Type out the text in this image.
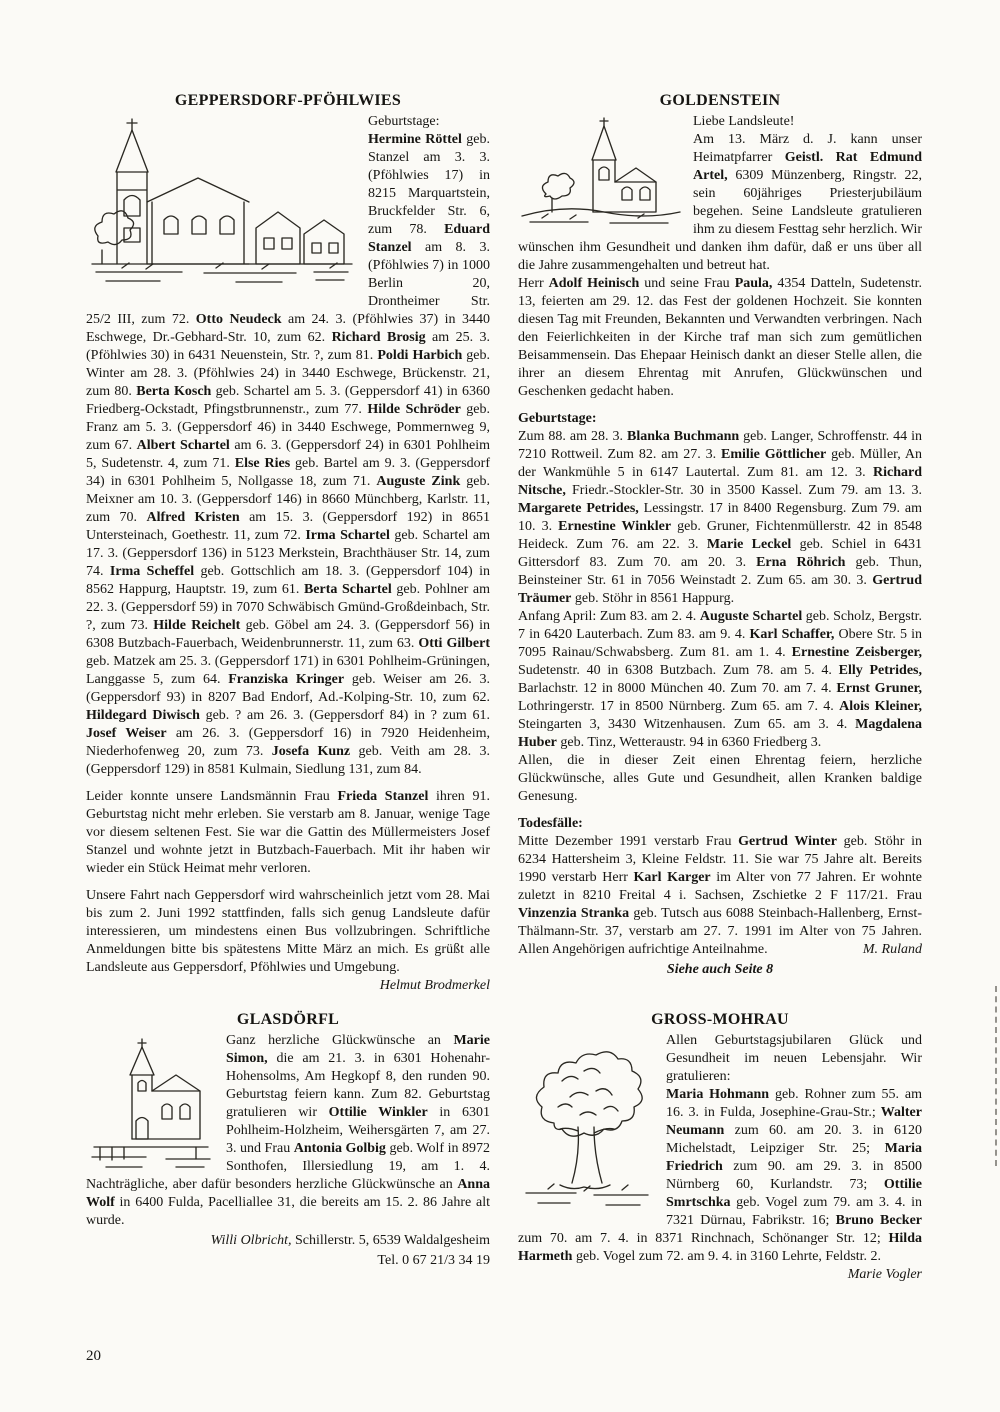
GEPPERSDORF-PFÖHLWIES

Geburtstage:

Hermine Röttel geb. Stanzel am 3. 3. (Pföhlwies 17) in 8215 Marquartstein, Bruckfelder Str. 6, zum 78. Eduard Stanzel am 8. 3. (Pföhlwies 7) in 1000 Berlin 20, Drontheimer Str. 25/2 III, zum 72. Otto Neudeck am 24. 3. (Pföhlwies 37) in 3440 Eschwege, Dr.-Gebhard-Str. 10, zum 62. Richard Brosig am 25. 3. (Pföhlwies 30) in 6431 Neuenstein, Str. ?, zum 81. Poldi Harbich geb. Winter am 28. 3. (Pföhlwies 24) in 3440 Eschwege, Brückenstr. 21, zum 80. Berta Kosch geb. Schartel am 5. 3. (Geppersdorf 41) in 6360 Friedberg-Ockstadt, Pfingstbrunnenstr., zum 77. Hilde Schröder geb. Franz am 5. 3. (Geppersdorf 46) in 3440 Eschwege, Pommernweg 9, zum 67. Albert Schartel am 6. 3. (Geppersdorf 24) in 6301 Pohlheim 5, Sudetenstr. 4, zum 71. Else Ries geb. Bartel am 9. 3. (Geppersdorf 34) in 6301 Pohlheim 5, Nollgasse 18, zum 71. Auguste Zink geb. Meixner am 10. 3. (Geppersdorf 146) in 8660 Münchberg, Karlstr. 11, zum 70. Alfred Kristen am 15. 3. (Geppersdorf 192) in 8651 Untersteinach, Goethestr. 11, zum 72. Irma Schartel geb. Schartel am 17. 3. (Geppersdorf 136) in 5123 Merkstein, Brachthäuser Str. 14, zum 74. Irma Scheffel geb. Gottschlich am 18. 3. (Geppersdorf 104) in 8562 Happurg, Hauptstr. 19, zum 61. Berta Schartel geb. Pohlner am 22. 3. (Geppersdorf 59) in 7070 Schwäbisch Gmünd-Großdeinbach, Str. ?, zum 73. Hilde Reichelt geb. Göbel am 24. 3. (Geppersdorf 56) in 6308 Butzbach-Fauerbach, Weidenbrunnerstr. 11, zum 63. Otti Gilbert geb. Matzek am 25. 3. (Geppersdorf 171) in 6301 Pohlheim-Grüningen, Langgasse 5, zum 64. Franziska Kringer geb. Weiser am 26. 3. (Geppersdorf 93) in 8207 Bad Endorf, Ad.-Kolping-Str. 10, zum 62. Hildegard Diwisch geb. ? am 26. 3. (Geppersdorf 84) in ? zum 61. Josef Weiser am 26. 3. (Geppersdorf 16) in 7920 Heidenheim, Niederhofenweg 20, zum 73. Josefa Kunz geb. Veith am 28. 3. (Geppersdorf 129) in 8581 Kulmain, Siedlung 131, zum 84.

Leider konnte unsere Landsmännin Frau Frieda Stanzel ihren 91. Geburtstag nicht mehr erleben. Sie verstarb am 8. Januar, wenige Tage vor diesem seltenen Fest. Sie war die Gattin des Müllermeisters Josef Stanzel und wohnte jetzt in Butzbach-Fauerbach. Mit ihr haben wir wieder ein Stück Heimat mehr verloren.

Unsere Fahrt nach Geppersdorf wird wahrscheinlich jetzt vom 28. Mai bis zum 2. Juni 1992 stattfinden, falls sich genug Landsleute dafür interessieren, um mindestens einen Bus vollzubringen. Schriftliche Anmeldungen bitte bis spätestens Mitte März an mich. Es grüßt alle Landsleute aus Geppersdorf, Pföhlwies und Umgebung.
Helmut Brodmerkel

GOLDENSTEIN

Liebe Landsleute!

Am 13. März d. J. kann unser Heimatpfarrer Geistl. Rat Edmund Artel, 6309 Münzenberg, Ringstr. 22, sein 60jähriges Priesterjubiläum begehen. Seine Landsleute gratulieren ihm zu diesem Festtag sehr herzlich. Wir wünschen ihm Gesundheit und danken ihm dafür, daß er uns über all die Jahre zusammengehalten und betreut hat.

Herr Adolf Heinisch und seine Frau Paula, 4354 Datteln, Sudetenstr. 13, feierten am 29. 12. das Fest der goldenen Hochzeit. Sie konnten diesen Tag mit Freunden, Bekannten und Verwandten verbringen. Nach den Feierlichkeiten in der Kirche traf man sich zum gemütlichen Beisammensein. Das Ehepaar Heinisch dankt an dieser Stelle allen, die ihrer an diesem Ehrentag mit Anrufen, Glückwünschen und Geschenken gedacht haben.

Geburtstage:

Zum 88. am 28. 3. Blanka Buchmann geb. Langer, Schroffenstr. 44 in 7210 Rottweil. Zum 82. am 27. 3. Emilie Göttlicher geb. Müller, An der Wankmühle 5 in 6147 Lautertal. Zum 81. am 12. 3. Richard Nitsche, Friedr.-Stockler-Str. 30 in 3500 Kassel. Zum 79. am 13. 3. Margarete Petrides, Lessingstr. 17 in 8400 Regensburg. Zum 79. am 10. 3. Ernestine Winkler geb. Gruner, Fichtenmüllerstr. 42 in 8548 Heideck. Zum 76. am 22. 3. Marie Leckel geb. Schiel in 6431 Gittersdorf 83. Zum 70. am 20. 3. Erna Röhrich geb. Thun, Beinsteiner Str. 61 in 7056 Weinstadt 2. Zum 65. am 30. 3. Gertrud Träumer geb. Stöhr in 8561 Happurg.

Anfang April: Zum 83. am 2. 4. Auguste Schartel geb. Scholz, Bergstr. 7 in 6420 Lauterbach. Zum 83. am 9. 4. Karl Schaffer, Obere Str. 5 in 7095 Rainau/Schwabsberg. Zum 81. am 1. 4. Ernestine Zeisberger, Sudetenstr. 40 in 6308 Butzbach. Zum 78. am 5. 4. Elly Petrides, Barlachstr. 12 in 8000 München 40. Zum 70. am 7. 4. Ernst Gruner, Lothringerstr. 17 in 8500 Nürnberg. Zum 65. am 7. 4. Alois Kleiner, Steingarten 3, 3430 Witzenhausen. Zum 65. am 3. 4. Magdalena Huber geb. Tinz, Wetteraustr. 94 in 6360 Friedberg 3.

Allen, die in dieser Zeit einen Ehrentag feiern, herzliche Glückwünsche, alles Gute und Gesundheit, allen Kranken baldige Genesung.

Todesfälle:

Mitte Dezember 1991 verstarb Frau Gertrud Winter geb. Stöhr in 6234 Hattersheim 3, Kleine Feldstr. 11. Sie war 75 Jahre alt. Bereits 1990 verstarb Herr Karl Karger im Alter von 77 Jahren. Er wohnte zuletzt in 8210 Freital 4 i. Sachsen, Zschietke 2 F 117/21. Frau Vinzenzia Stranka geb. Tutsch aus 6088 Steinbach-Hallenberg, Ernst-Thälmann-Str. 37, verstarb am 27. 7. 1991 im Alter von 75 Jahren. Allen Angehörigen aufrichtige Anteilnahme.	M. Ruland

Siehe auch Seite 8

GLASDÖRFL

Ganz herzliche Glückwünsche an Marie Simon, die am 21. 3. in 6301 Hohenahr-Hohensolms, Am Hegkopf 8, den runden 90. Geburtstag feiern kann. Zum 82. Geburtstag gratulieren wir Ottilie Winkler in 6301 Pohlheim-Holzheim, Weihersgärten 7, am 27. 3. und Frau Antonia Golbig geb. Wolf in 8972 Sonthofen, Illersiedlung 19, am 1. 4. Nachträgliche, aber dafür besonders herzliche Glückwünsche an Anna Wolf in 6400 Fulda, Pacelliallee 31, die bereits am 15. 2. 86 Jahre alt wurde.

Willi Olbricht, Schillerstr. 5, 6539 Waldalgesheim

Tel. 0 67 21/3 34 19

GROSS-MOHRAU

Allen Geburtstagsjubilaren Glück und Gesundheit im neuen Lebensjahr. Wir gratulieren:

Maria Hohmann geb. Rohner zum 55. am 16. 3. in Fulda, Josephine-Grau-Str.; Walter Neumann zum 60. am 20. 3. in 6120 Michelstadt, Leipziger Str. 25; Maria Friedrich zum 90. am 29. 3. in 8500 Nürnberg 60, Kurlandstr. 73; Ottilie Smrtschka geb. Vogel zum 79. am 3. 4. in 7321 Dürnau, Fabrikstr. 16; Bruno Becker zum 70. am 7. 4. in 8371 Rinchnach, Schönanger Str. 12; Hilda Harmeth geb. Vogel zum 72. am 9. 4. in 3160 Lehrte, Feldstr. 2.
Marie Vogler

20
